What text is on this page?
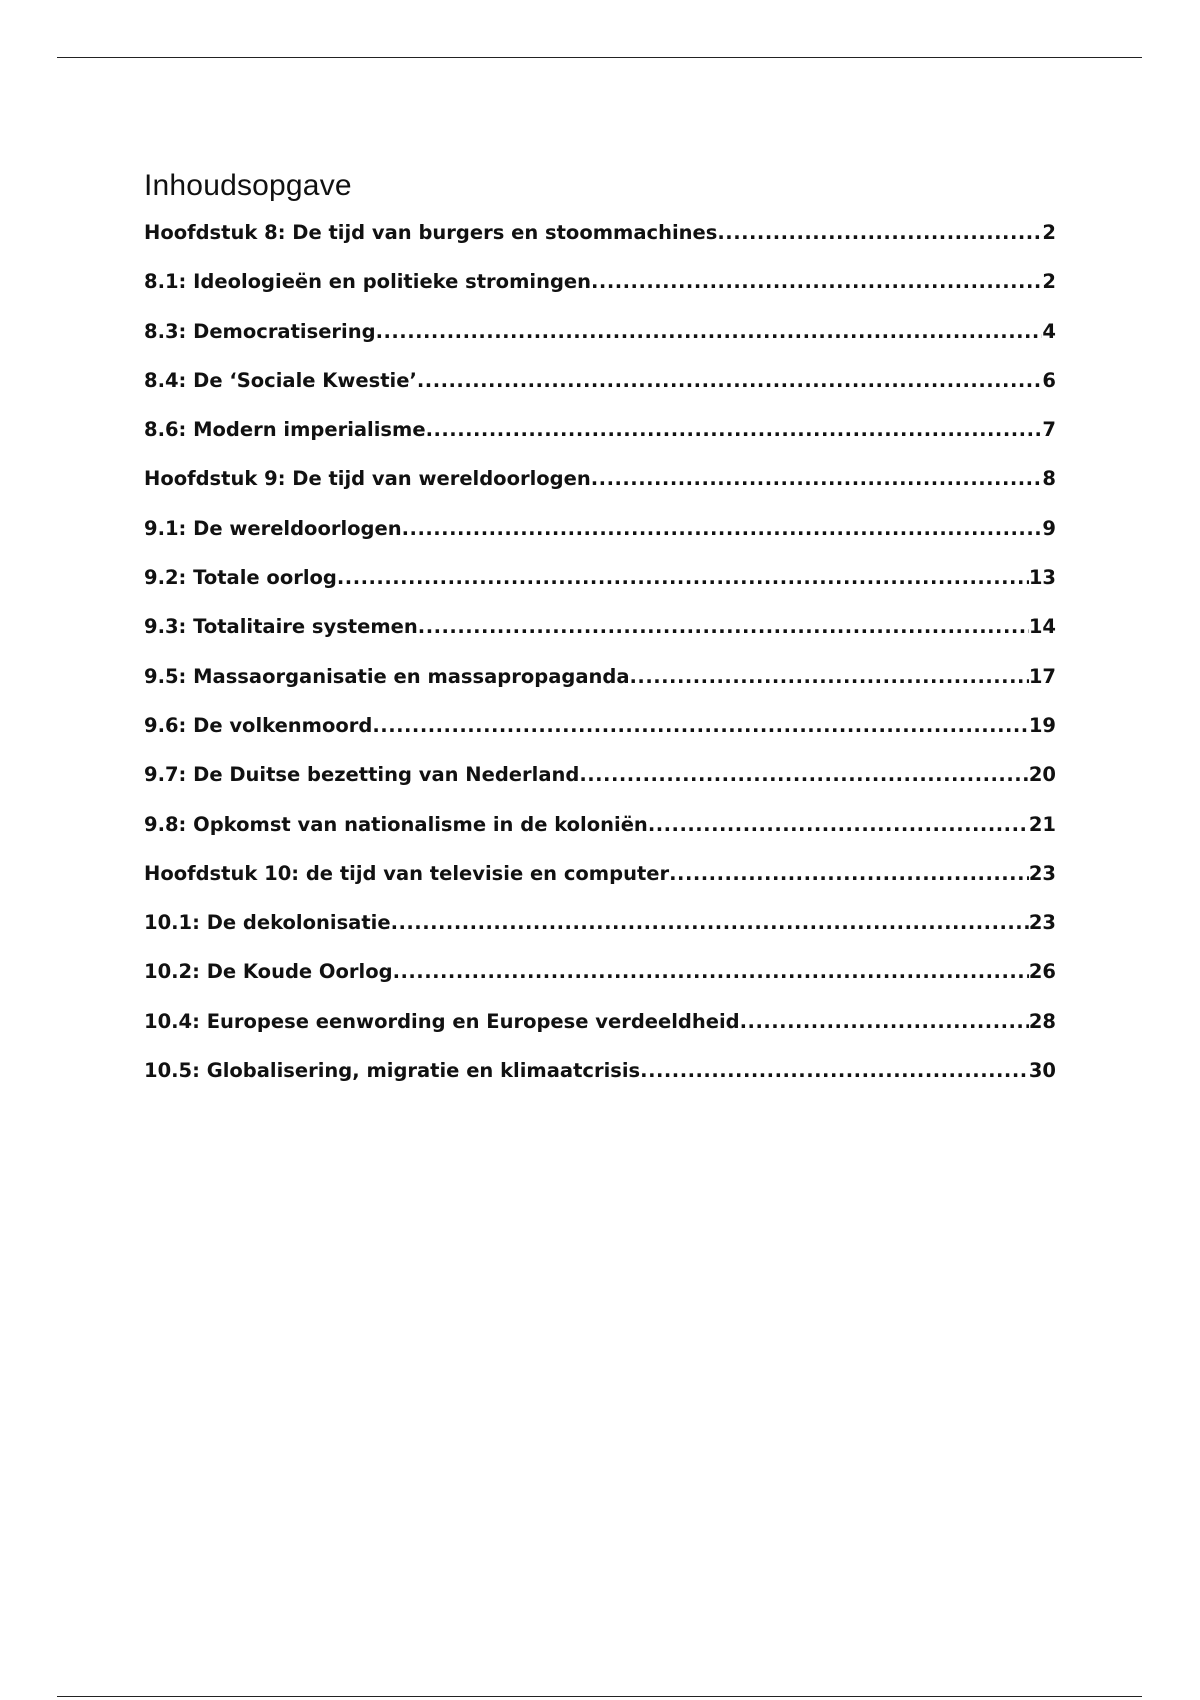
Inhoudsopgave
Hoofdstuk 8: De tijd van burgers en stoommachines .....	2
8.1: Ideologieën en politieke stromingen .....	2
8.3: Democratisering .....	4
8.4: De ‘Sociale Kwestie’ .....	6
8.6: Modern imperialisme .....	7
Hoofdstuk 9: De tijd van wereldoorlogen .....	8
9.1: De wereldoorlogen .....	9
9.2: Totale oorlog .....	13
9.3: Totalitaire systemen .....	14
9.5: Massaorganisatie en massapropaganda .....	17
9.6: De volkenmoord .....	19
9.7: De Duitse bezetting van Nederland .....	20
9.8: Opkomst van nationalisme in de koloniën .....	21
Hoofdstuk 10: de tijd van televisie en computer .....	23
10.1: De dekolonisatie .....	23
10.2: De Koude Oorlog .....	26
10.4: Europese eenwording en Europese verdeeldheid .....	28
10.5: Globalisering, migratie en klimaatcrisis .....	30
